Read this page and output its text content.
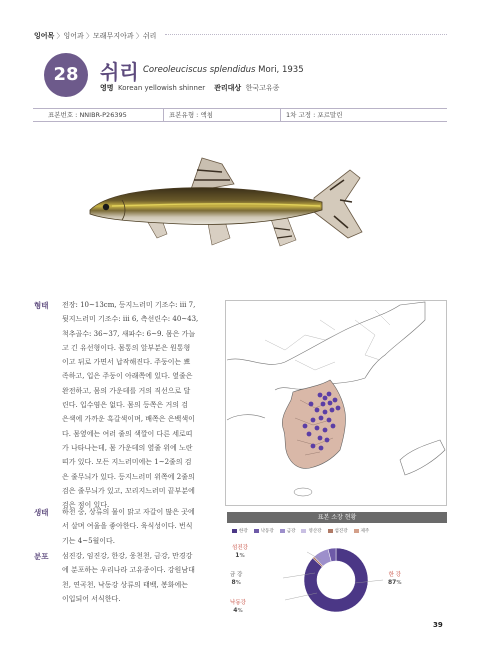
잉어목 〉잉어과 〉모래무지아과 〉쉬리
28	쉬리 Coreoleuciscus splendidus Mori, 1935
영명 Korean yellowish shinner 관리대상 한국고유종
표본번호 : NNIBR-P26395	표본유형 : 액침	1차 고정 : 포르말린
형태 전장: 10~13cm, 등지느러미 기조수: iii 7,
뒷지느러미 기조수: iii 6, 측선린수: 40~43,
척추골수: 36~37, 새파수: 6~9. 몸은 가늘
고 긴 유선형이다. 몸통의 앞부분은 원통형
이고 뒤로 가면서 납작해진다. 주둥이는 뾰
족하고, 입은 주둥이 아래쪽에 있다. 옆줄은
완전하고, 몸의 가운데를 거의 직선으로 달
린다. 입수염은 없다. 몸의 등쪽은 거의 검
은색에 가까운 흑갈색이며, 배쪽은 은백색이
다. 몸옆에는 여러 줄의 색깔이 다른 세로띠
가 나타나는데, 몸 가운데의 옆줄 위에 노란
띠가 있다. 모든 지느러미에는 1~2줄의 검
은 줄무늬가 있다. 등지느러미 위쪽에 2줄의
검은 줄무늬가 있고, 꼬리지느러미 끝부분에
검은 점이 있다.
생태 하천 중, 상류의 물이 맑고 자갈이 많은 곳에
서 살며 여울을 좋아한다. 육식성이다. 번식
기는 4~5월이다.
분포 섬진강, 임진강, 한강, 웅천천, 금강, 만경강
에 분포하는 우리나라 고유종이다. 강원남대
천, 연곡천, 낙동강 상류의 태백, 봉화에는
이입되어 서식한다.
표본 소장 현황
한강	낙동강	금강	영산강	섬진강	제주
섬진강
1%
금 강
8%
낙동강
4%
한 강
87%
39
